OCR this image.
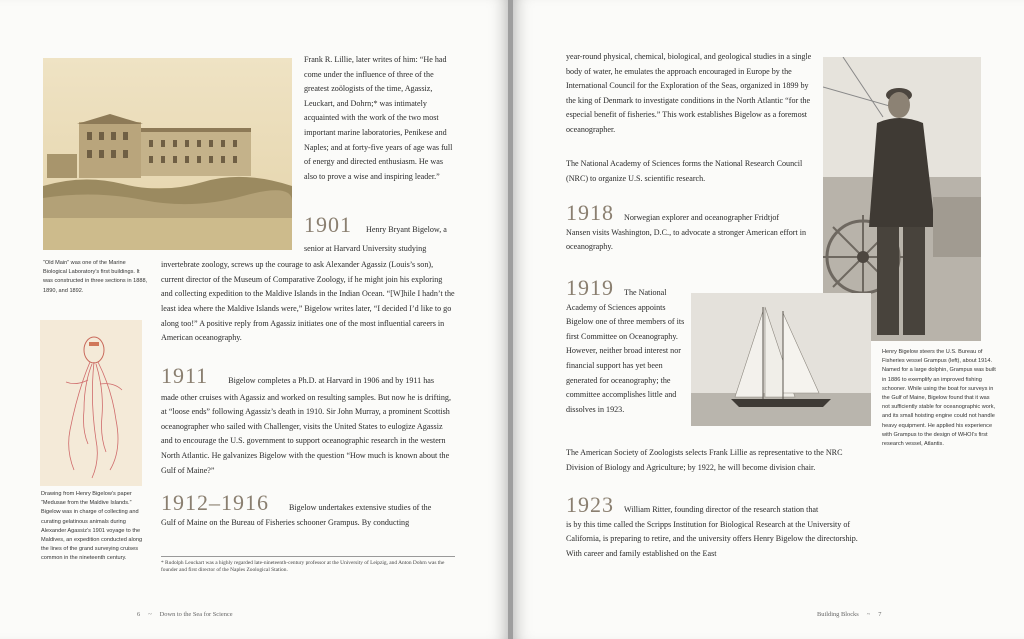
Frank R. Lillie, later writes of him: “He had come under the influence of three of the greatest zoölogists of the time, Agassiz, Leuckart, and Dohrn;* was intimately acquainted with the work of the two most important marine laboratories, Penikese and Naples; and at forty-five years of age was full of energy and directed enthusiasm. He was also to prove a wise and inspiring leader.”

1901 Henry Bryant Bigelow, a senior at Harvard University studying

invertebrate zoology, screws up the courage to ask Alexander Agassiz (Louis’s son), current director of the Museum of Comparative Zoology, if he might join his exploring and collecting expedition to the Maldive Islands in the Indian Ocean. “[W]hile I hadn’t the least idea where the Maldive Islands were,” Bigelow writes later, “I decided I’d like to go along too!” A positive reply from Agassiz initiates one of the most influential careers in American oceanography.

“Old Main” was one of the Marine Biological Laboratory’s first buildings. It was constructed in three sections in 1888, 1890, and 1892.

1911 Bigelow completes a Ph.D. at Harvard in 1906 and by 1911 has

made other cruises with Agassiz and worked on resulting samples. But now he is drifting, at “loose ends” following Agassiz’s death in 1910. Sir John Murray, a prominent Scottish oceanographer who sailed with Challenger, visits the United States to eulogize Agassiz and to encourage the U.S. government to support oceanographic research in the western North Atlantic. He galvanizes Bigelow with the question “How much is known about the Gulf of Maine?”

Drawing from Henry Bigelow’s paper “Medusae from the Maldive Islands.” Bigelow was in charge of collecting and curating gelatinous animals during Alexander Agassiz’s 1901 voyage to the Maldives, an expedition conducted along the lines of the grand surveying cruises common in the nineteenth century.

1912–1916 Bigelow undertakes extensive studies of the

Gulf of Maine on the Bureau of Fisheries schooner Grampus. By conducting

* Rudolph Leuckart was a highly regarded late-nineteenth-century professor at the University of Leipzig, and Anton Dohrn was the founder and first director of the Naples Zoological Station.

6 ~ Down to the Sea for Science

year-round physical, chemical, biological, and geological studies in a single body of water, he emulates the approach encouraged in Europe by the International Council for the Exploration of the Seas, organized in 1899 by the king of Denmark to investigate conditions in the North Atlantic “for the especial benefit of fisheries.” This work establishes Bigelow as a foremost oceanographer.

The National Academy of Sciences forms the National Research Council (NRC) to organize U.S. scientific research.

1918 Norwegian explorer and oceanographer Fridtjof

Nansen visits Washington, D.C., to advocate a stronger American effort in oceanography.

1919 The National

Academy of Sciences appoints Bigelow one of three members of its first Committee on Oceanography. However, neither broad interest nor financial support has yet been generated for oceanography; the committee accomplishes little and dissolves in 1923.

Henry Bigelow steers the U.S. Bureau of Fisheries vessel Grampus (left), about 1914. Named for a large dolphin, Grampus was built in 1886 to exemplify an improved fishing schooner. While using the boat for surveys in the Gulf of Maine, Bigelow found that it was not sufficiently stable for oceanographic work, and its small hoisting engine could not handle heavy equipment. He applied his experience with Grampus to the design of WHOI’s first research vessel, Atlantis.

The American Society of Zoologists selects Frank Lillie as representative to the NRC Division of Biology and Agriculture; by 1922, he will become division chair.

1923 William Ritter, founding director of the research station that

is by this time called the Scripps Institution for Biological Research at the University of California, is preparing to retire, and the university offers Henry Bigelow the directorship. With career and family established on the East

Building Blocks ~ 7
